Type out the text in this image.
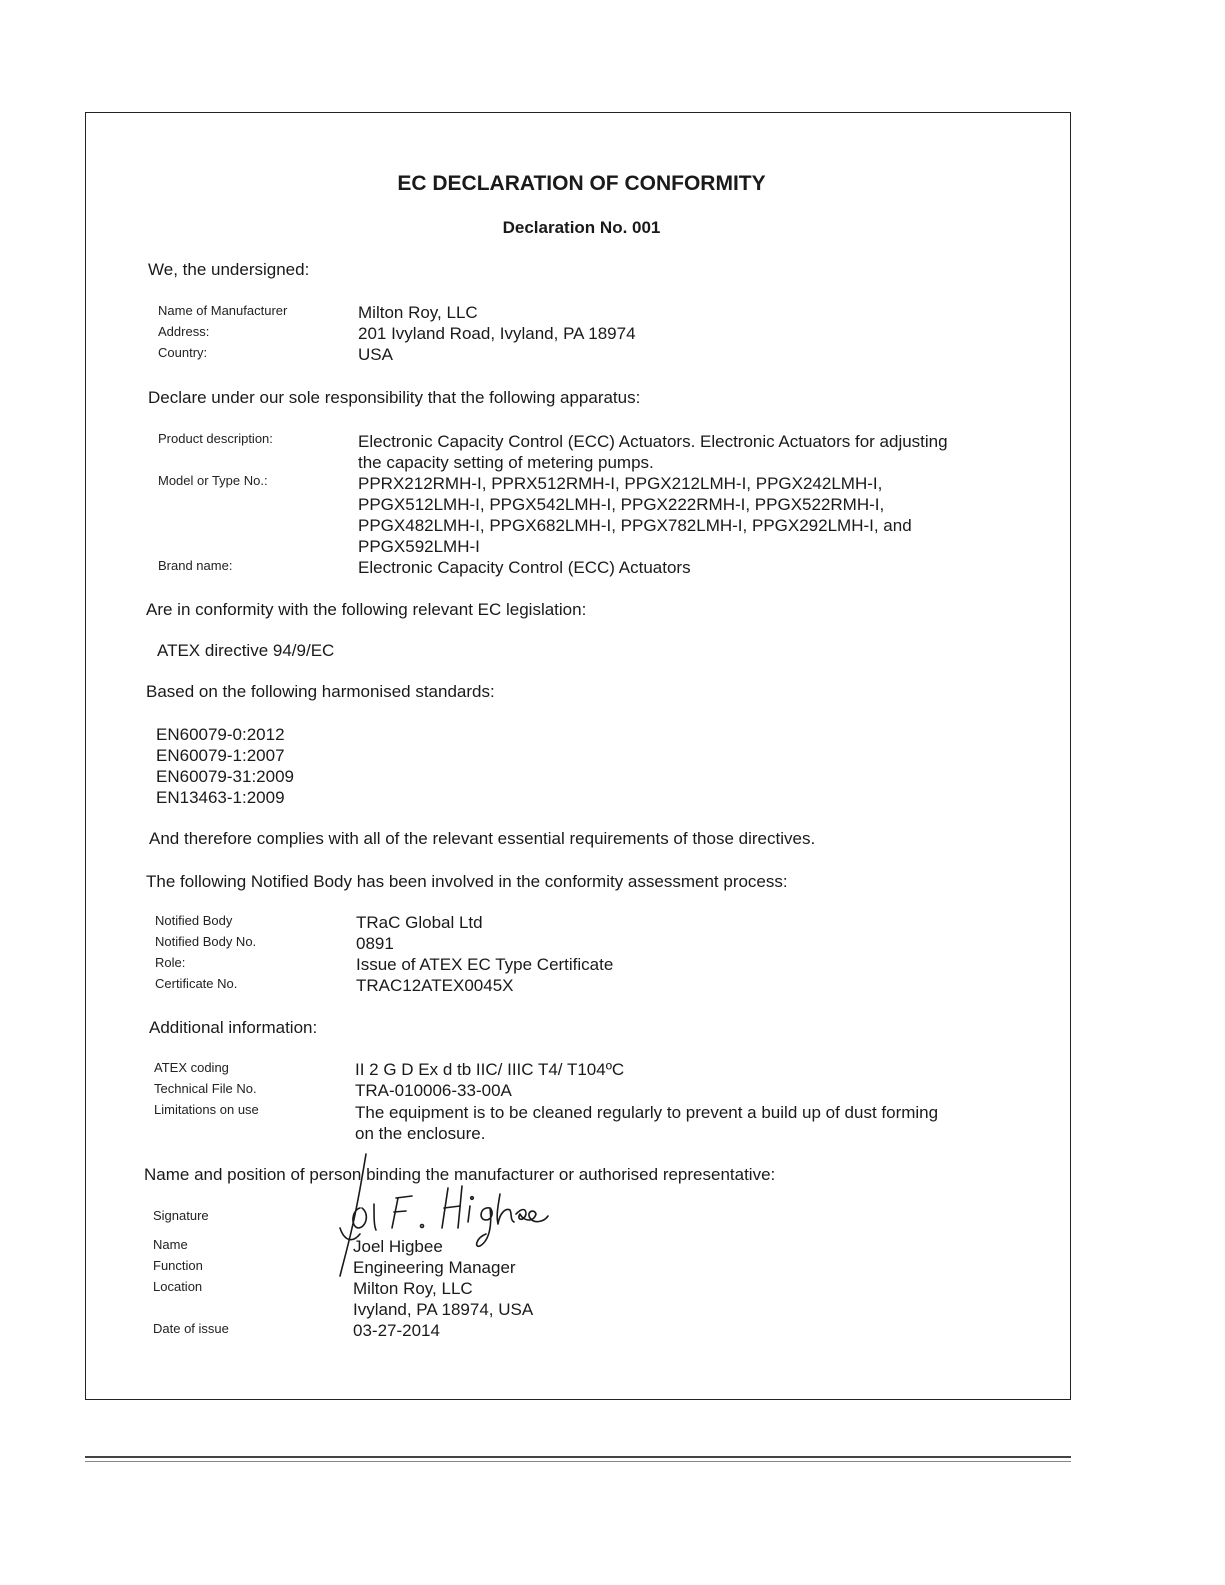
EC DECLARATION OF CONFORMITY
Declaration No. 001
We, the undersigned:
Name of Manufacturer	Milton Roy, LLC
Address:	201 Ivyland Road, Ivyland, PA 18974
Country:	USA
Declare under our sole responsibility that the following apparatus:
Product description:	Electronic Capacity Control (ECC) Actuators. Electronic Actuators for adjusting the capacity setting of metering pumps.
Model or Type No.:	PPRX212RMH-I, PPRX512RMH-I, PPGX212LMH-I, PPGX242LMH-I, PPGX512LMH-I, PPGX542LMH-I, PPGX222RMH-I, PPGX522RMH-I, PPGX482LMH-I, PPGX682LMH-I, PPGX782LMH-I, PPGX292LMH-I, and PPGX592LMH-I
Brand name:	Electronic Capacity Control (ECC) Actuators
Are in conformity with the following relevant EC legislation:
ATEX directive 94/9/EC
Based on the following harmonised standards:
EN60079-0:2012
EN60079-1:2007
EN60079-31:2009
EN13463-1:2009
And therefore complies with all of the relevant essential requirements of those directives.
The following Notified Body has been involved in the conformity assessment process:
Notified Body	TRaC Global Ltd
Notified Body No.	0891
Role:	Issue of ATEX EC Type Certificate
Certificate No.	TRAC12ATEX0045X
Additional information:
ATEX coding	II 2 G D Ex d tb IIC/ IIIC T4/ T104ºC
Technical File No.	TRA-010006-33-00A
Limitations on use	The equipment is to be cleaned regularly to prevent a build up of dust forming on the enclosure.
Name and position of person binding the manufacturer or authorised representative:
Signature
Name	Joel Higbee
Function	Engineering Manager
Location	Milton Roy, LLC
Ivyland, PA 18974, USA
Date of issue	03-27-2014
